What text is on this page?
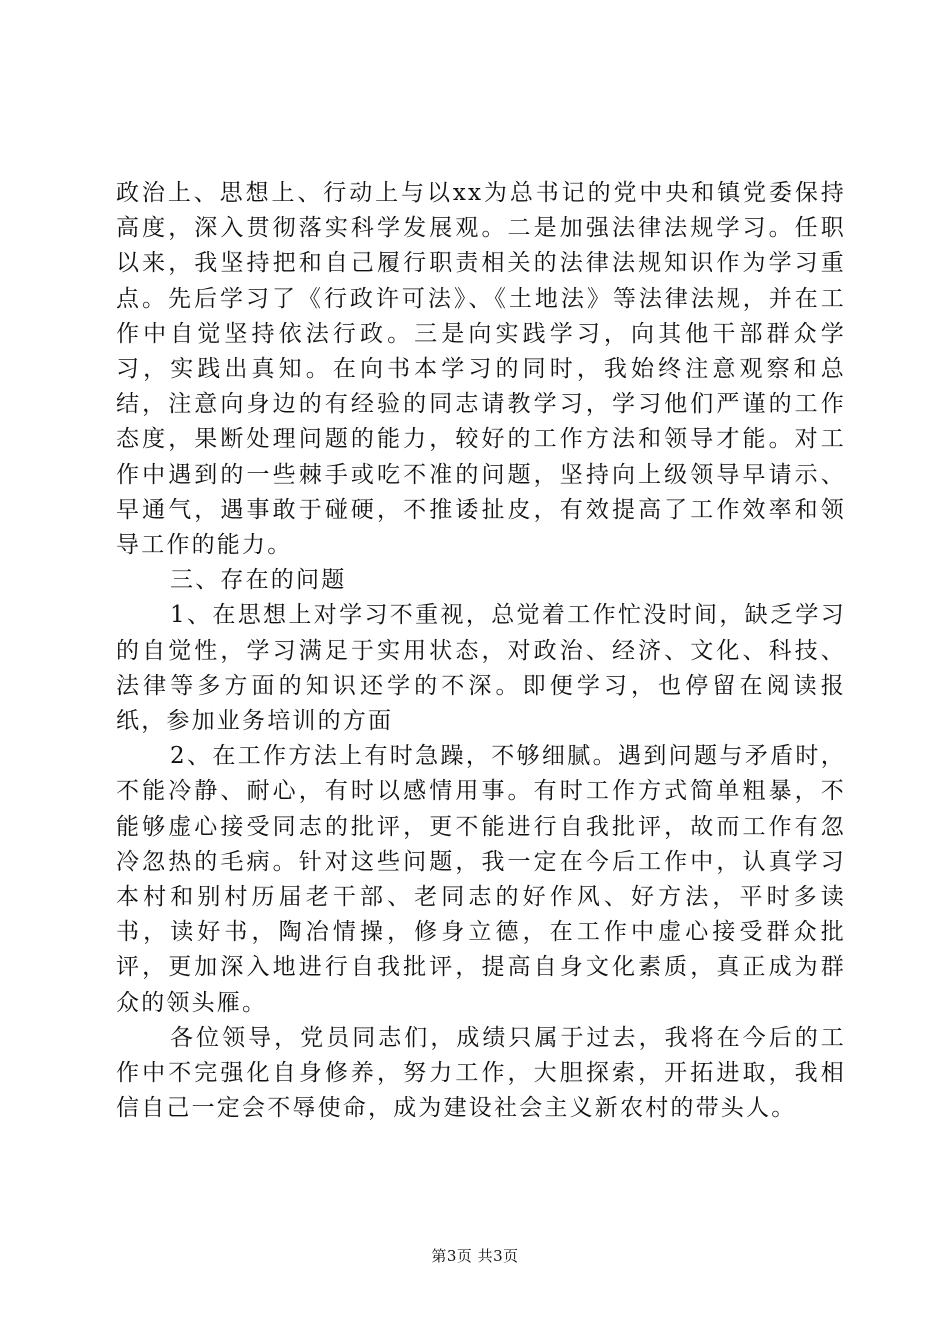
政治上、思想上、行动上与以xx为总书记的党中央和镇党委保持高度，深入贯彻落实科学发展观。二是加强法律法规学习。任职以来，我坚持把和自己履行职责相关的法律法规知识作为学习重点。先后学习了《行政许可法》、《土地法》等法律法规，并在工作中自觉坚持依法行政。三是向实践学习，向其他干部群众学习，实践出真知。在向书本学习的同时，我始终注意观察和总结，注意向身边的有经验的同志请教学习，学习他们严谨的工作态度，果断处理问题的能力，较好的工作方法和领导才能。对工作中遇到的一些棘手或吃不准的问题，坚持向上级领导早请示、早通气，遇事敢于碰硬，不推诿扯皮，有效提高了工作效率和领导工作的能力。

三、存在的问题

1、在思想上对学习不重视，总觉着工作忙没时间，缺乏学习的自觉性，学习满足于实用状态，对政治、经济、文化、科技、法律等多方面的知识还学的不深。即便学习，也停留在阅读报纸，参加业务培训的方面

2、在工作方法上有时急躁，不够细腻。遇到问题与矛盾时，不能冷静、耐心，有时以感情用事。有时工作方式简单粗暴，不能够虚心接受同志的批评，更不能进行自我批评，故而工作有忽冷忽热的毛病。针对这些问题，我一定在今后工作中，认真学习本村和别村历届老干部、老同志的好作风、好方法，平时多读书，读好书，陶冶情操，修身立德，在工作中虚心接受群众批评，更加深入地进行自我批评，提高自身文化素质，真正成为群众的领头雁。

各位领导，党员同志们，成绩只属于过去，我将在今后的工作中不完强化自身修养，努力工作，大胆探索，开拓进取，我相信自己一定会不辱使命，成为建设社会主义新农村的带头人。

第3页 共3页
